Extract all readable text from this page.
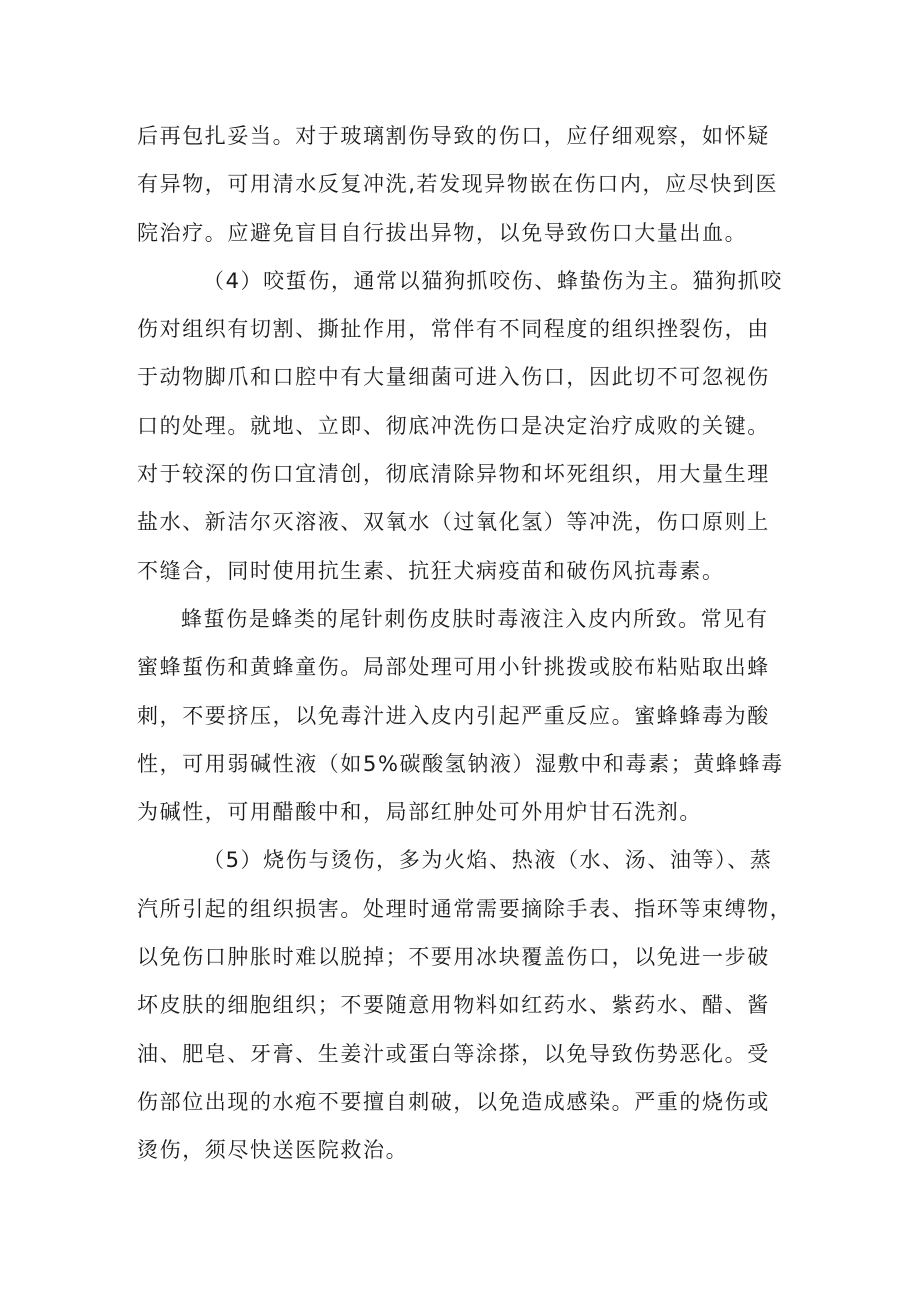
后再包扎妥当。对于玻璃割伤导致的伤口，应仔细观察，如怀疑
有异物，可用清水反复冲洗,若发现异物嵌在伤口内，应尽快到医
院治疗。应避免盲目自行拔出异物，以免导致伤口大量出血。
（4）咬蜇伤，通常以猫狗抓咬伤、蜂蛰伤为主。猫狗抓咬
伤对组织有切割、撕扯作用，常伴有不同程度的组织挫裂伤，由
于动物脚爪和口腔中有大量细菌可进入伤口，因此切不可忽视伤
口的处理。就地、立即、彻底冲洗伤口是决定治疗成败的关键。
对于较深的伤口宜清创，彻底清除异物和坏死组织，用大量生理
盐水、新洁尔灭溶液、双氧水（过氧化氢）等冲洗，伤口原则上
不缝合，同时使用抗生素、抗狂犬病疫苗和破伤风抗毒素。
蜂蜇伤是蜂类的尾针刺伤皮肤时毒液注入皮内所致。常见有
蜜蜂蜇伤和黄蜂童伤。局部处理可用小针挑拨或胶布粘贴取出蜂
刺，不要挤压，以免毒汁进入皮内引起严重反应。蜜蜂蜂毒为酸
性，可用弱碱性液（如5%碳酸氢钠液）湿敷中和毒素；黄蜂蜂毒
为碱性，可用醋酸中和，局部红肿处可外用炉甘石洗剂。
（5）烧伤与烫伤，多为火焰、热液（水、汤、油等）、蒸
汽所引起的组织损害。处理时通常需要摘除手表、指环等束缚物，
以免伤口肿胀时难以脱掉；不要用冰块覆盖伤口，以免进一步破
坏皮肤的细胞组织；不要随意用物料如红药水、紫药水、醋、酱
油、肥皂、牙膏、生姜汁或蛋白等涂搽，以免导致伤势恶化。受
伤部位出现的水疱不要擅自刺破，以免造成感染。严重的烧伤或
烫伤，须尽快送医院救治。
